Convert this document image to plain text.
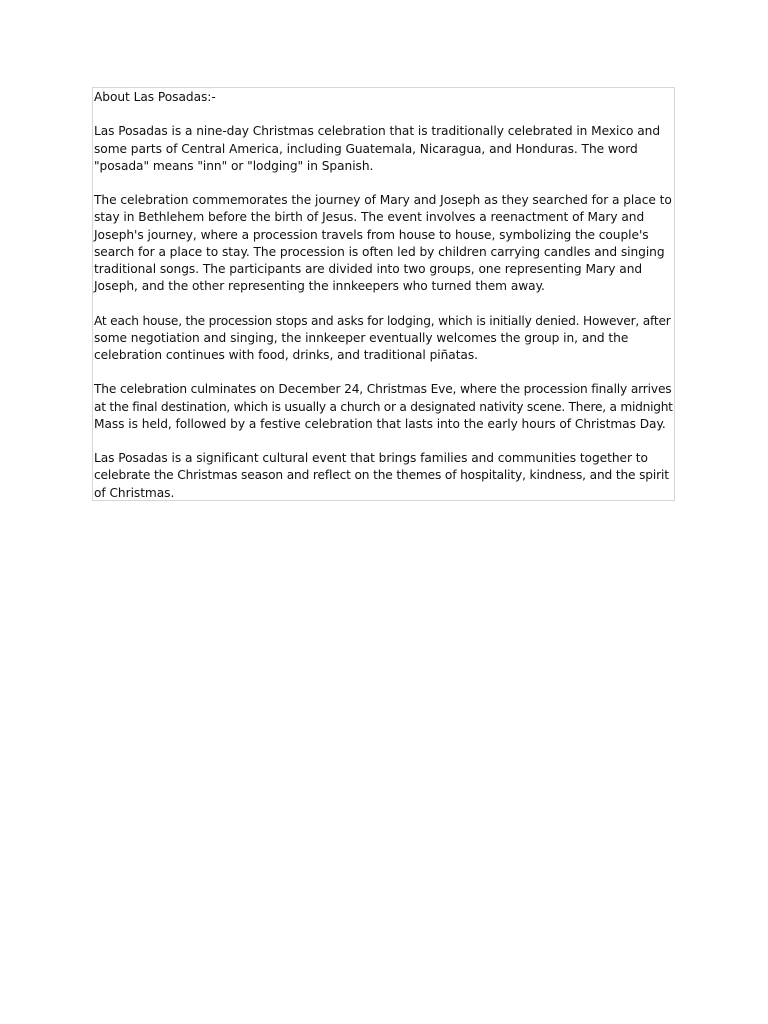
About Las Posadas:-

Las Posadas is a nine-day Christmas celebration that is traditionally celebrated in Mexico and
some parts of Central America, including Guatemala, Nicaragua, and Honduras. The word
"posada" means "inn" or "lodging" in Spanish.

The celebration commemorates the journey of Mary and Joseph as they searched for a place to
stay in Bethlehem before the birth of Jesus. The event involves a reenactment of Mary and
Joseph's journey, where a procession travels from house to house, symbolizing the couple's
search for a place to stay. The procession is often led by children carrying candles and singing
traditional songs. The participants are divided into two groups, one representing Mary and
Joseph, and the other representing the innkeepers who turned them away.

At each house, the procession stops and asks for lodging, which is initially denied. However, after
some negotiation and singing, the innkeeper eventually welcomes the group in, and the
celebration continues with food, drinks, and traditional piñatas.

The celebration culminates on December 24, Christmas Eve, where the procession finally arrives
at the final destination, which is usually a church or a designated nativity scene. There, a midnight
Mass is held, followed by a festive celebration that lasts into the early hours of Christmas Day.

Las Posadas is a significant cultural event that brings families and communities together to
celebrate the Christmas season and reflect on the themes of hospitality, kindness, and the spirit
of Christmas.
